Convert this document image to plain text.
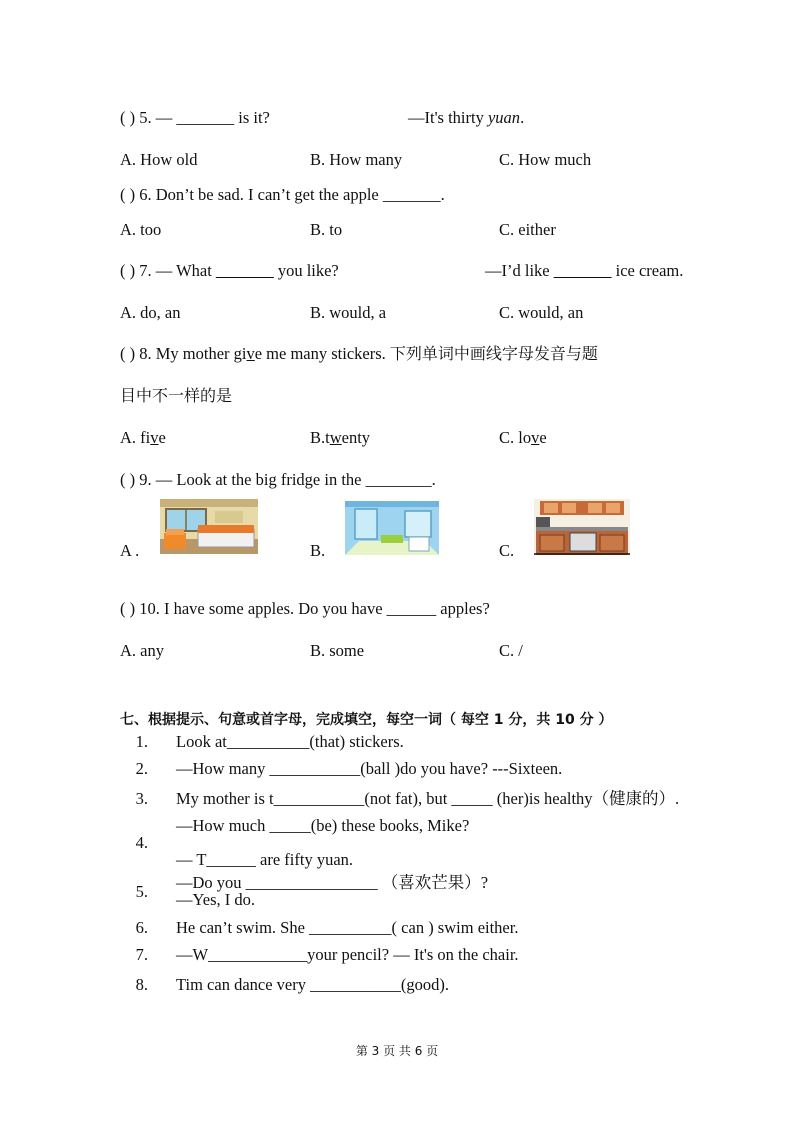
( ) 5. — _______ is it?	—It's thirty yuan.
A. How old	B. How many	C. How much
( ) 6. Don’t be sad. I can’t get the apple _______.
A. too	B. to	C. either
( ) 7. — What _______ you like?	—I’d like _______ ice cream.
A. do, an	B. would, a	C. would, an
( ) 8. My mother give me many stickers. 下列单词中画线字母发音与题
目中不一样的是
A. five	B.twenty	C. love
( ) 9. — Look at the big fridge in the ________.
A .	B.	C.
( ) 10. I have some apples. Do you have ______ apples?
A. any	B. some	C. /
七、根据提示、句意或首字母，完成填空，每空一词（ 每空 1 分，共 10 分 ）
1. Look at__________(that) stickers.
2. —How many ___________(ball )do you have? ---Sixteen.
3. My mother is t___________(not fat), but _____ (her)is healthy（健康的）.
4.
—How much _____(be) these books, Mike?
— T______ are fifty yuan.
5. —Do you ________________ （喜欢芒果）?
—Yes, I do.
6. He can’t swim. She __________( can ) swim either.
7. —W____________your pencil? — It's on the chair.
8. Tim can dance very ___________(good).
第 3 页 共 6 页
